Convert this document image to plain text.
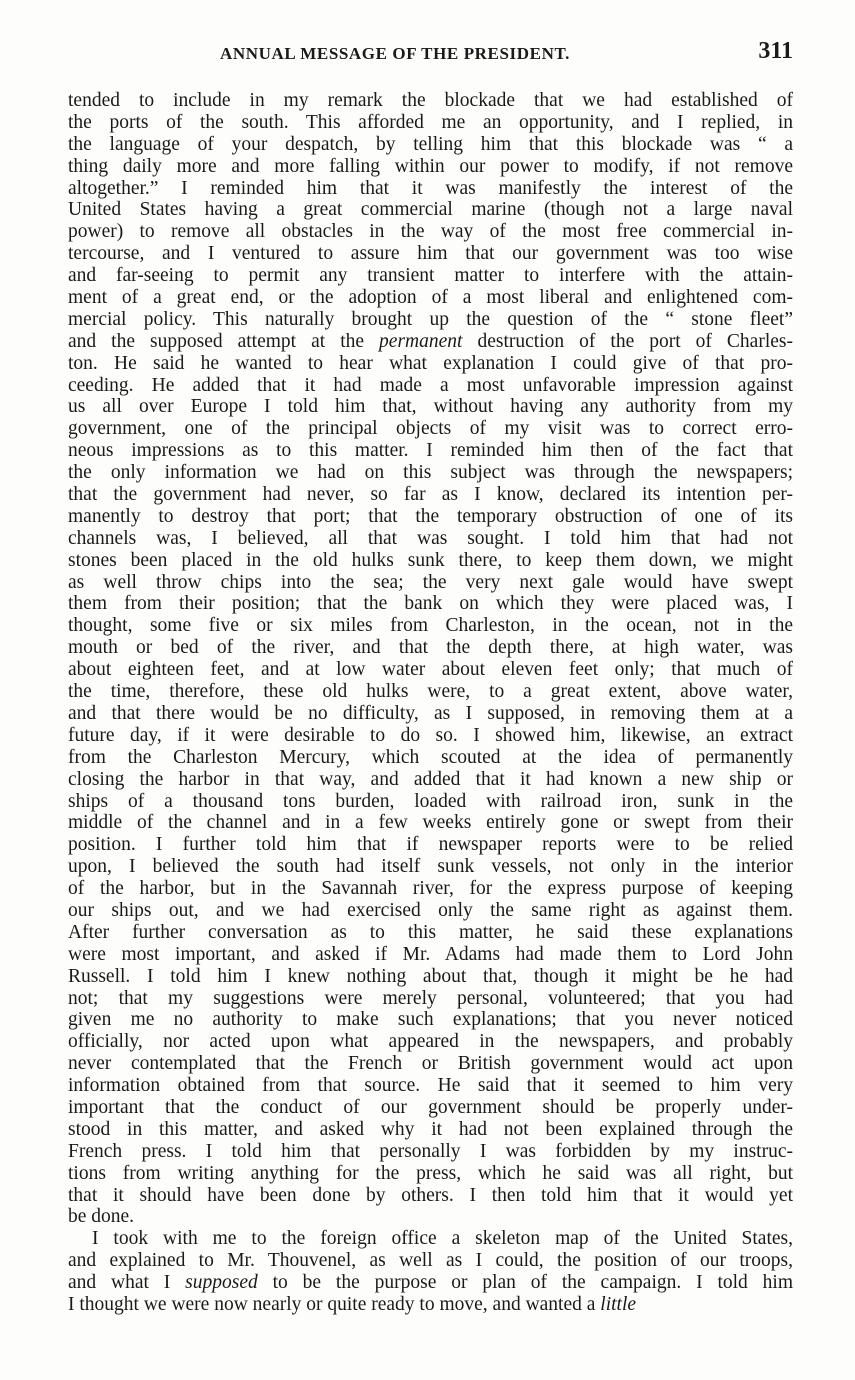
ANNUAL MESSAGE OF THE PRESIDENT.	311
tended to include in my remark the blockade that we had established of
the ports of the south. This afforded me an opportunity, and I replied, in
the language of your despatch, by telling him that this blockade was “ a
thing daily more and more falling within our power to modify, if not remove
altogether.” I reminded him that it was manifestly the interest of the
United States having a great commercial marine (though not a large naval
power) to remove all obstacles in the way of the most free commercial in-
tercourse, and I ventured to assure him that our government was too wise
and far-seeing to permit any transient matter to interfere with the attain-
ment of a great end, or the adoption of a most liberal and enlightened com-
mercial policy. This naturally brought up the question of the “ stone fleet”
and the supposed attempt at the permanent destruction of the port of Charles-
ton. He said he wanted to hear what explanation I could give of that pro-
ceeding. He added that it had made a most unfavorable impression against
us all over Europe I told him that, without having any authority from my
government, one of the principal objects of my visit was to correct erro-
neous impressions as to this matter. I reminded him then of the fact that
the only information we had on this subject was through the newspapers;
that the government had never, so far as I know, declared its intention per-
manently to destroy that port; that the temporary obstruction of one of its
channels was, I believed, all that was sought. I told him that had not
stones been placed in the old hulks sunk there, to keep them down, we might
as well throw chips into the sea; the very next gale would have swept
them from their position; that the bank on which they were placed was, I
thought, some five or six miles from Charleston, in the ocean, not in the
mouth or bed of the river, and that the depth there, at high water, was
about eighteen feet, and at low water about eleven feet only; that much of
the time, therefore, these old hulks were, to a great extent, above water,
and that there would be no difficulty, as I supposed, in removing them at a
future day, if it were desirable to do so. I showed him, likewise, an extract
from the Charleston Mercury, which scouted at the idea of permanently
closing the harbor in that way, and added that it had known a new ship or
ships of a thousand tons burden, loaded with railroad iron, sunk in the
middle of the channel and in a few weeks entirely gone or swept from their
position. I further told him that if newspaper reports were to be relied
upon, I believed the south had itself sunk vessels, not only in the interior
of the harbor, but in the Savannah river, for the express purpose of keeping
our ships out, and we had exercised only the same right as against them.
After further conversation as to this matter, he said these explanations
were most important, and asked if Mr. Adams had made them to Lord John
Russell. I told him I knew nothing about that, though it might be he had
not; that my suggestions were merely personal, volunteered; that you had
given me no authority to make such explanations; that you never noticed
officially, nor acted upon what appeared in the newspapers, and probably
never contemplated that the French or British government would act upon
information obtained from that source. He said that it seemed to him very
important that the conduct of our government should be properly under-
stood in this matter, and asked why it had not been explained through the
French press. I told him that personally I was forbidden by my instruc-
tions from writing anything for the press, which he said was all right, but
that it should have been done by others. I then told him that it would yet
be done.
I took with me to the foreign office a skeleton map of the United States,
and explained to Mr. Thouvenel, as well as I could, the position of our troops,
and what I supposed to be the purpose or plan of the campaign. I told him
I thought we were now nearly or quite ready to move, and wanted a little
